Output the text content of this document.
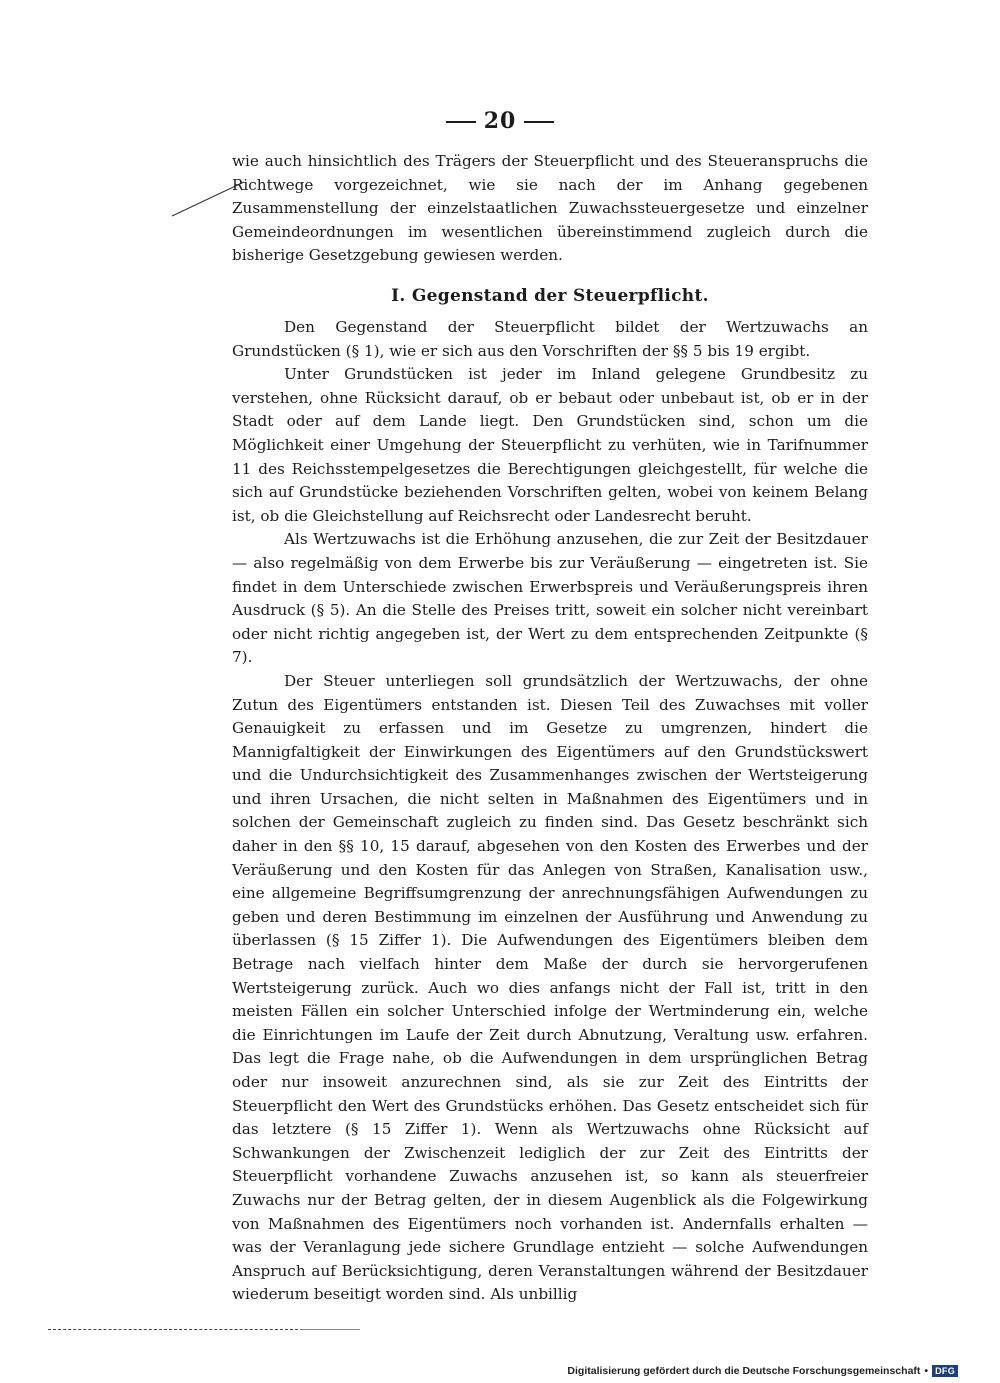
20

wie auch hinsichtlich des Trägers der Steuerpflicht und des Steueranspruchs die Richtwege vorgezeichnet, wie sie nach der im Anhang gegebenen Zusammenstellung der einzelstaatlichen Zuwachssteuergesetze und einzelner Gemeindeordnungen im wesentlichen übereinstimmend zugleich durch die bisherige Gesetzgebung gewiesen werden.

I. Gegenstand der Steuerpflicht.

Den Gegenstand der Steuerpflicht bildet der Wertzuwachs an Grundstücken (§ 1), wie er sich aus den Vorschriften der §§ 5 bis 19 ergibt.

Unter Grundstücken ist jeder im Inland gelegene Grundbesitz zu verstehen, ohne Rücksicht darauf, ob er bebaut oder unbebaut ist, ob er in der Stadt oder auf dem Lande liegt. Den Grundstücken sind, schon um die Möglichkeit einer Umgehung der Steuerpflicht zu verhüten, wie in Tarifnummer 11 des Reichsstempelgesetzes die Berechtigungen gleichgestellt, für welche die sich auf Grundstücke beziehenden Vorschriften gelten, wobei von keinem Belang ist, ob die Gleichstellung auf Reichsrecht oder Landesrecht beruht.

Als Wertzuwachs ist die Erhöhung anzusehen, die zur Zeit der Besitzdauer — also regelmäßig von dem Erwerbe bis zur Veräußerung — eingetreten ist. Sie findet in dem Unterschiede zwischen Erwerbspreis und Veräußerungspreis ihren Ausdruck (§ 5). An die Stelle des Preises tritt, soweit ein solcher nicht vereinbart oder nicht richtig angegeben ist, der Wert zu dem entsprechenden Zeitpunkte (§ 7).

Der Steuer unterliegen soll grundsätzlich der Wertzuwachs, der ohne Zutun des Eigentümers entstanden ist. Diesen Teil des Zuwachses mit voller Genauigkeit zu erfassen und im Gesetze zu umgrenzen, hindert die Mannigfaltigkeit der Einwirkungen des Eigentümers auf den Grundstückswert und die Undurchsichtigkeit des Zusammenhanges zwischen der Wertsteigerung und ihren Ursachen, die nicht selten in Maßnahmen des Eigentümers und in solchen der Gemeinschaft zugleich zu finden sind. Das Gesetz beschränkt sich daher in den §§ 10, 15 darauf, abgesehen von den Kosten des Erwerbes und der Veräußerung und den Kosten für das Anlegen von Straßen, Kanalisation usw., eine allgemeine Begriffsumgrenzung der anrechnungsfähigen Aufwendungen zu geben und deren Bestimmung im einzelnen der Ausführung und Anwendung zu überlassen (§ 15 Ziffer 1). Die Aufwendungen des Eigentümers bleiben dem Betrage nach vielfach hinter dem Maße der durch sie hervorgerufenen Wertsteigerung zurück. Auch wo dies anfangs nicht der Fall ist, tritt in den meisten Fällen ein solcher Unterschied infolge der Wertminderung ein, welche die Einrichtungen im Laufe der Zeit durch Abnutzung, Veraltung usw. erfahren. Das legt die Frage nahe, ob die Aufwendungen in dem ursprünglichen Betrag oder nur insoweit anzurechnen sind, als sie zur Zeit des Eintritts der Steuerpflicht den Wert des Grundstücks erhöhen. Das Gesetz entscheidet sich für das letztere (§ 15 Ziffer 1). Wenn als Wertzuwachs ohne Rücksicht auf Schwankungen der Zwischenzeit lediglich der zur Zeit des Eintritts der Steuerpflicht vorhandene Zuwachs anzusehen ist, so kann als steuerfreier Zuwachs nur der Betrag gelten, der in diesem Augenblick als die Folgewirkung von Maßnahmen des Eigentümers noch vorhanden ist. Andernfalls erhalten — was der Veranlagung jede sichere Grundlage entzieht — solche Aufwendungen Anspruch auf Berücksichtigung, deren Veranstaltungen während der Besitzdauer wiederum beseitigt worden sind. Als unbillig

Digitalisierung gefördert durch die Deutsche Forschungsgemeinschaft • DFG
